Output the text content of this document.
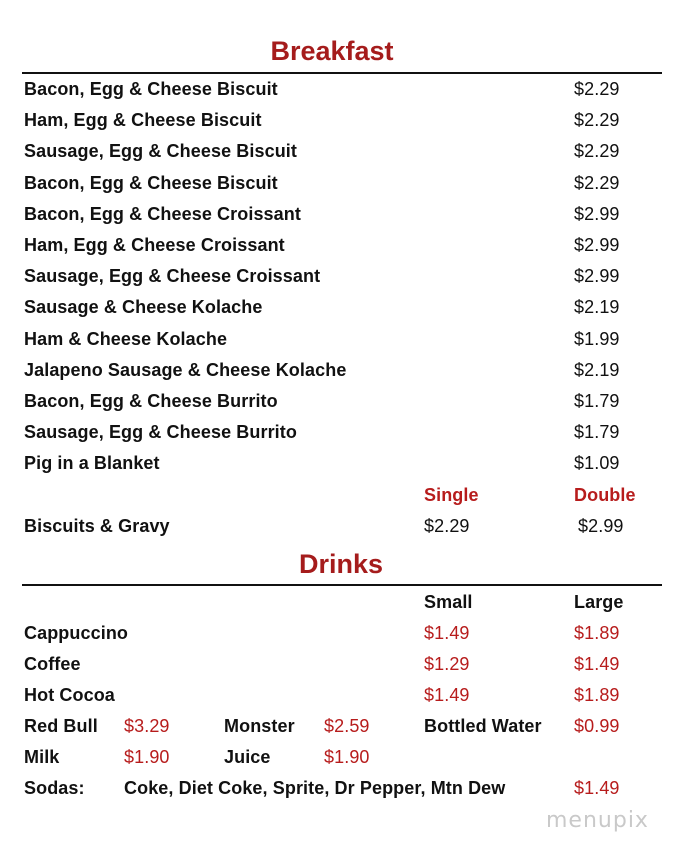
Breakfast
Bacon, Egg & Cheese Biscuit	$2.29
Ham, Egg & Cheese Biscuit	$2.29
Sausage, Egg & Cheese Biscuit	$2.29
Bacon, Egg & Cheese Biscuit	$2.29
Bacon, Egg & Cheese Croissant	$2.99
Ham, Egg & Cheese Croissant	$2.99
Sausage, Egg & Cheese Croissant	$2.99
Sausage & Cheese Kolache	$2.19
Ham & Cheese Kolache	$1.99
Jalapeno Sausage & Cheese Kolache	$2.19
Bacon, Egg & Cheese Burrito	$1.79
Sausage, Egg & Cheese Burrito	$1.79
Pig in a Blanket	$1.09
Single	Double
Biscuits & Gravy	$2.29	$2.99
Drinks
Small	Large
Cappuccino	$1.49	$1.89
Coffee	$1.29	$1.49
Hot Cocoa	$1.49	$1.89
Red Bull $3.29	Monster $2.59	Bottled Water $0.99
Milk	$1.90	Juice	$1.90
Sodas: Coke, Diet Coke, Sprite, Dr Pepper, Mtn Dew	$1.49
menupix
